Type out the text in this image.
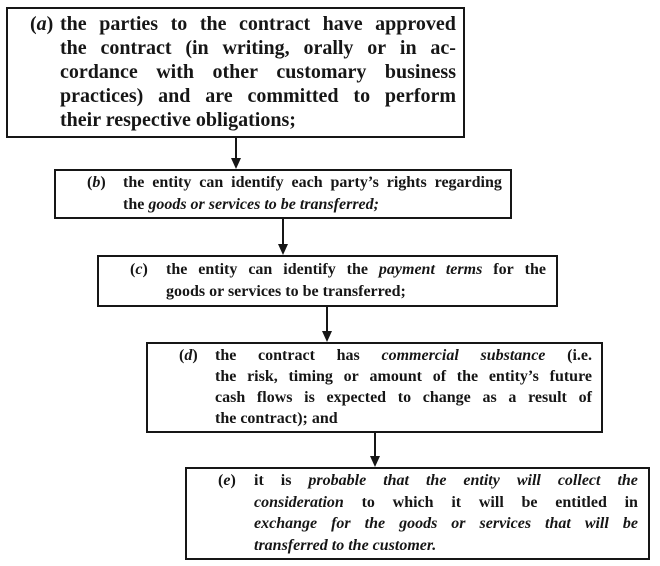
(a) the parties to the contract have approved
the contract (in writing, orally or in ac-
cordance with other customary business
practices) and are committed to perform
their respective obligations;
(b)	the entity can identify each party’s rights regarding
the goods or services to be transferred;
(c)	the entity can identify the payment terms for the
goods or services to be transferred;
(d)	the contract has commercial substance (i.e.
the risk, timing or amount of the entity’s future
cash flows is expected to change as a result of
the contract); and
(e)	it is probable that the entity will collect the
consideration to which it will be entitled in
exchange for the goods or services that will be
transferred to the customer.
